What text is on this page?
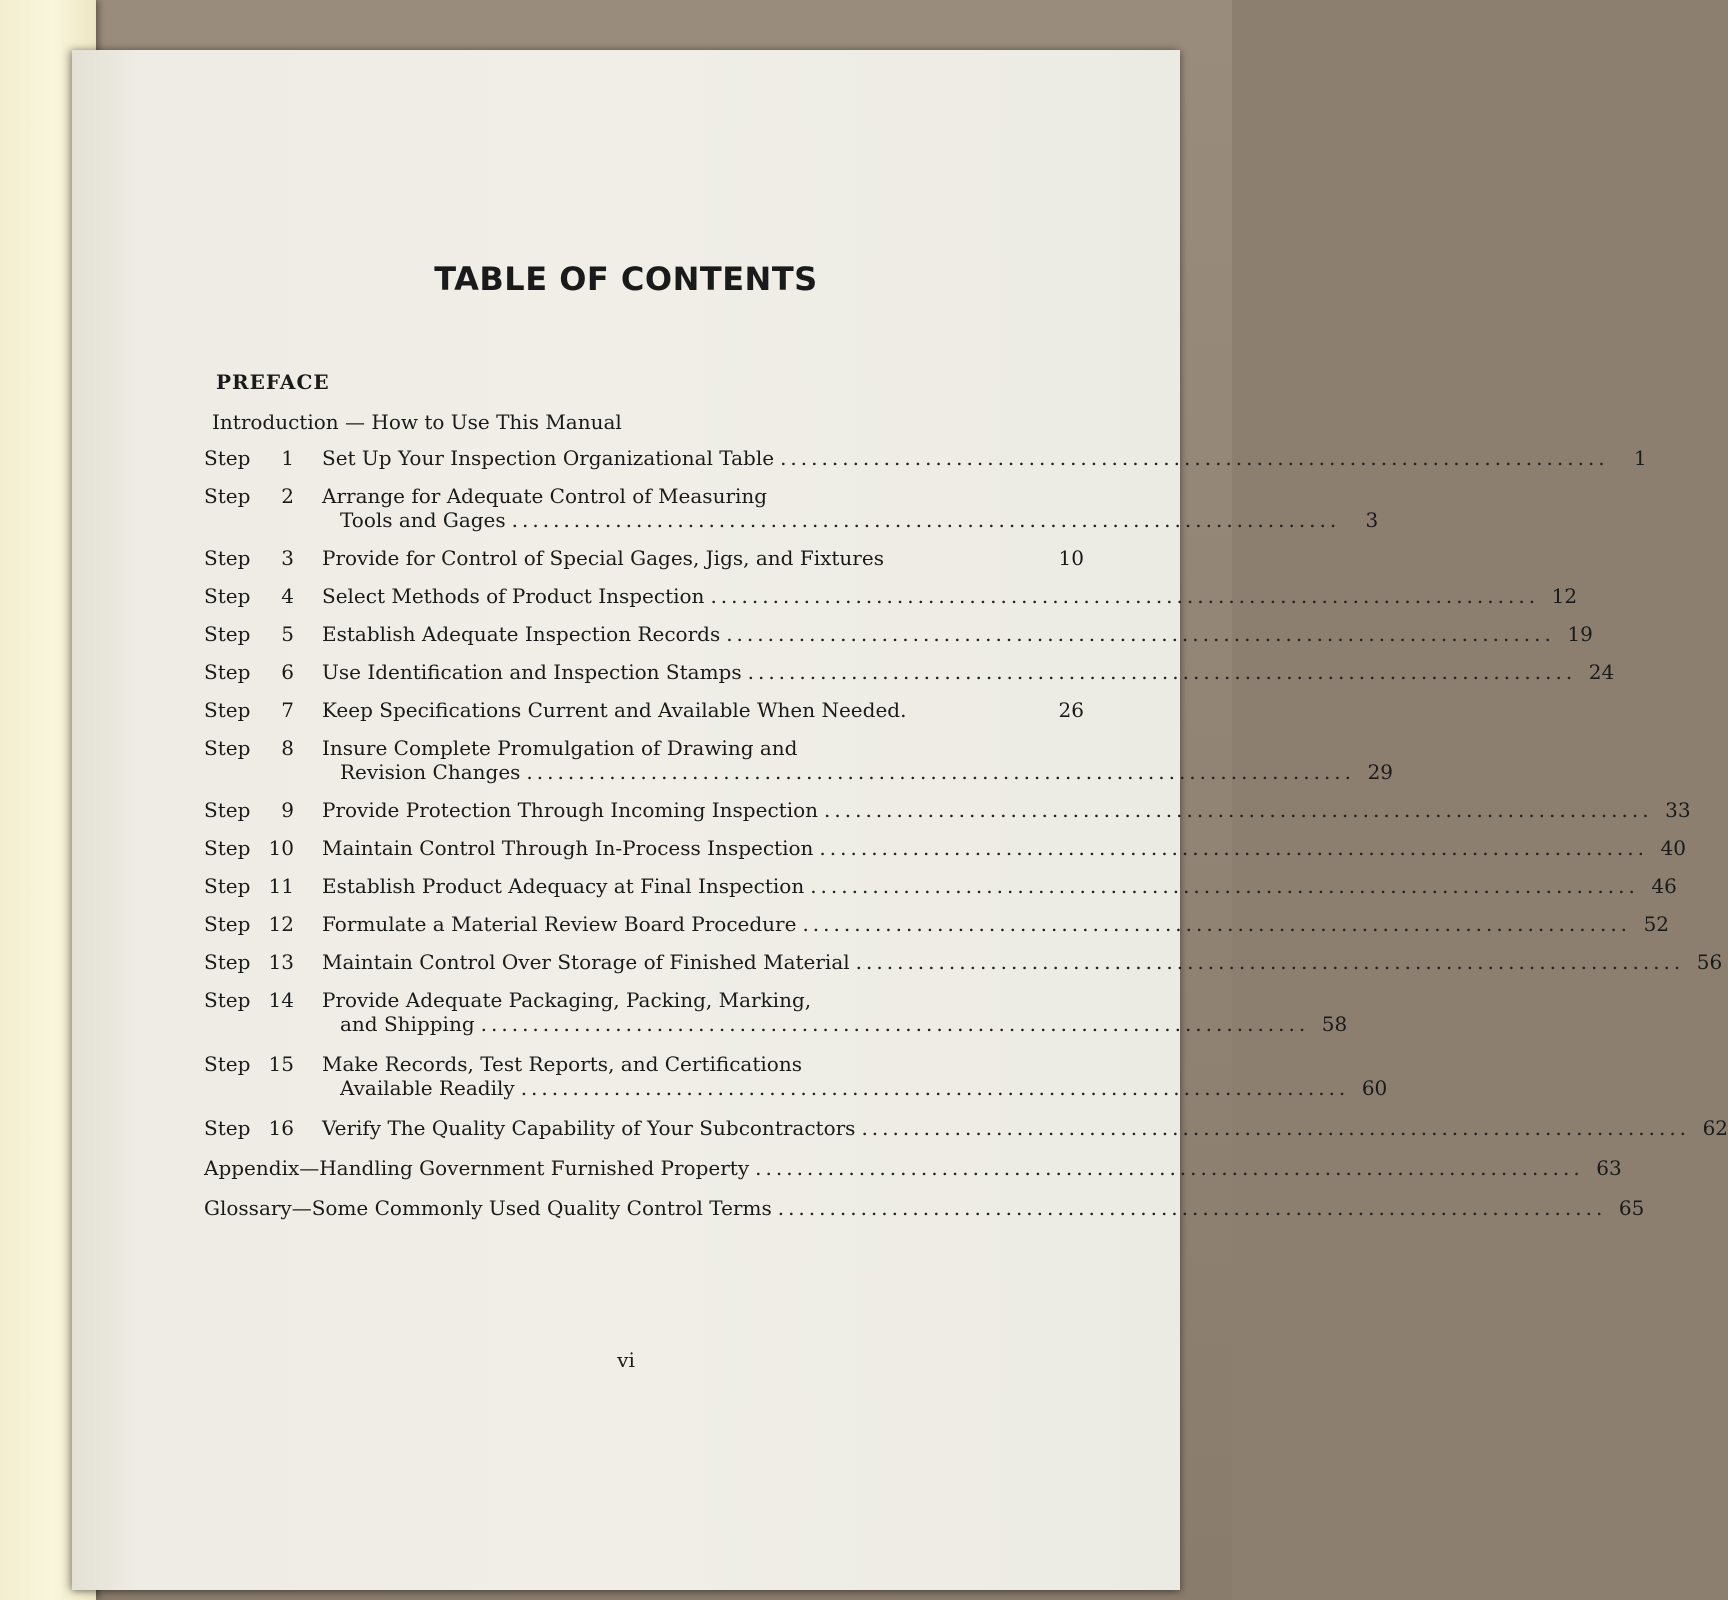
TABLE OF CONTENTS
PREFACE
Introduction — How to Use This Manual
Step	1 Set Up Your Inspection Organizational Table ................................................................................	1
Step	2 Arrange for Adequate Control of Measuring
Tools and Gages ................................................................................	3
Step	3 Provide for Control of Special Gages, Jigs, and Fixtures	10
Step	4 Select Methods of Product Inspection ................................................................................ 12
Step	5 Establish Adequate Inspection Records ................................................................................ 19
Step	6 Use Identification and Inspection Stamps ................................................................................ 24
Step	7 Keep Specifications Current and Available When Needed.	26
Step	8 Insure Complete Promulgation of Drawing and
Revision Changes ................................................................................ 29
Step	9 Provide Protection Through Incoming Inspection ................................................................................ 33
Step 10 Maintain Control Through In-Process Inspection ................................................................................ 40
Step 11 Establish Product Adequacy at Final Inspection ................................................................................ 46
Step 12 Formulate a Material Review Board Procedure ................................................................................ 52
Step 13 Maintain Control Over Storage of Finished Material ................................................................................ 56
Step 14 Provide Adequate Packaging, Packing, Marking,
and Shipping ................................................................................ 58
Step 15 Make Records, Test Reports, and Certifications
Available Readily ................................................................................ 60
Step 16 Verify The Quality Capability of Your Subcontractors ................................................................................ 62
Appendix—Handling Government Furnished Property ................................................................................ 63
Glossary—Some Commonly Used Quality Control Terms ................................................................................ 65
vi
